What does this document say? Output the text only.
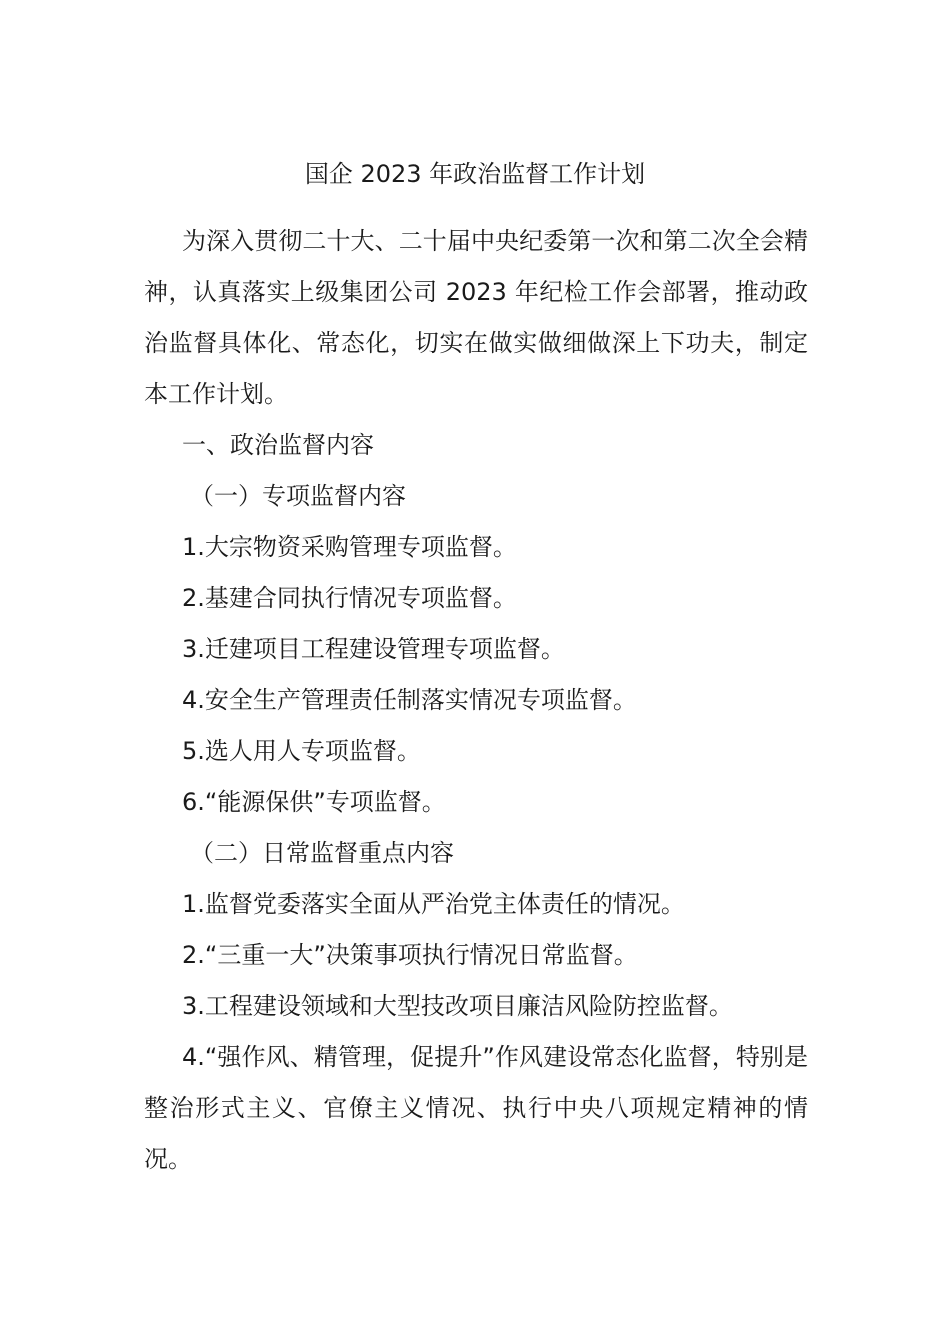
国企 2023 年政治监督工作计划

为深入贯彻二十大、二十届中央纪委第一次和第二次全会精神，认真落实上级集团公司 2023 年纪检工作会部署，推动政治监督具体化、常态化，切实在做实做细做深上下功夫，制定本工作计划。

一、政治监督内容

（一）专项监督内容

1.大宗物资采购管理专项监督。

2.基建合同执行情况专项监督。

3.迁建项目工程建设管理专项监督。

4.安全生产管理责任制落实情况专项监督。

5.选人用人专项监督。

6.“能源保供”专项监督。

（二）日常监督重点内容

1.监督党委落实全面从严治党主体责任的情况。

2.“三重一大”决策事项执行情况日常监督。

3.工程建设领域和大型技改项目廉洁风险防控监督。

4.“强作风、精管理，促提升”作风建设常态化监督，特别是整治形式主义、官僚主义情况、执行中央八项规定精神的情况。
